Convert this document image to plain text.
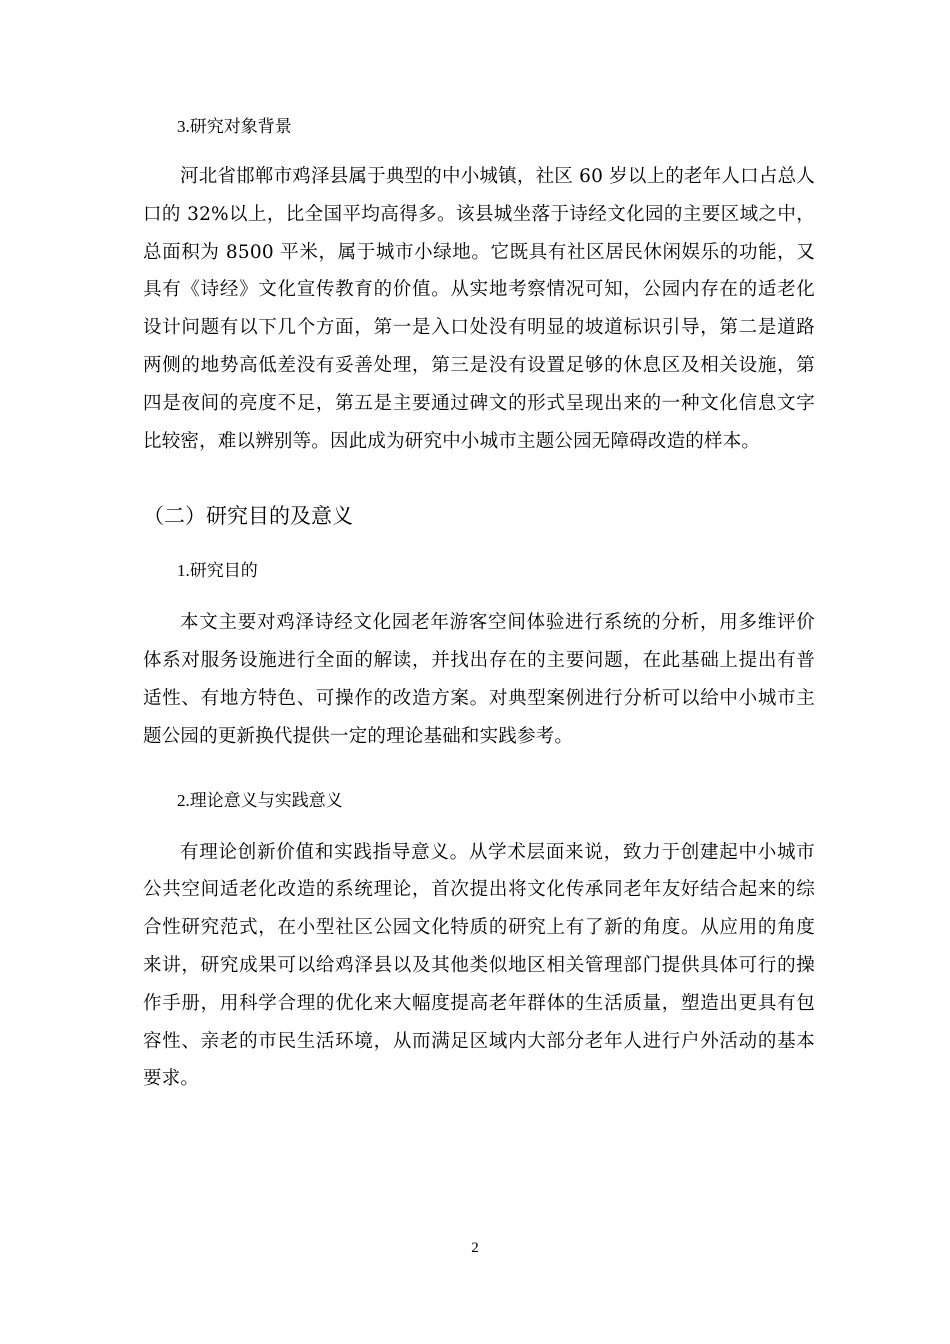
3.研究对象背景

河北省邯郸市鸡泽县属于典型的中小城镇，社区 60 岁以上的老年人口占总人口的 32%以上，比全国平均高得多。该县城坐落于诗经文化园的主要区域之中，总面积为 8500 平米，属于城市小绿地。它既具有社区居民休闲娱乐的功能，又具有《诗经》文化宣传教育的价值。从实地考察情况可知，公园内存在的适老化设计问题有以下几个方面，第一是入口处没有明显的坡道标识引导，第二是道路两侧的地势高低差没有妥善处理，第三是没有设置足够的休息区及相关设施，第四是夜间的亮度不足，第五是主要通过碑文的形式呈现出来的一种文化信息文字比较密，难以辨别等。因此成为研究中小城市主题公园无障碍改造的样本。

（二）研究目的及意义

1.研究目的

本文主要对鸡泽诗经文化园老年游客空间体验进行系统的分析，用多维评价体系对服务设施进行全面的解读，并找出存在的主要问题，在此基础上提出有普适性、有地方特色、可操作的改造方案。对典型案例进行分析可以给中小城市主题公园的更新换代提供一定的理论基础和实践参考。

2.理论意义与实践意义

有理论创新价值和实践指导意义。从学术层面来说，致力于创建起中小城市公共空间适老化改造的系统理论，首次提出将文化传承同老年友好结合起来的综合性研究范式，在小型社区公园文化特质的研究上有了新的角度。从应用的角度来讲，研究成果可以给鸡泽县以及其他类似地区相关管理部门提供具体可行的操作手册，用科学合理的优化来大幅度提高老年群体的生活质量，塑造出更具有包容性、亲老的市民生活环境，从而满足区域内大部分老年人进行户外活动的基本要求。

2
